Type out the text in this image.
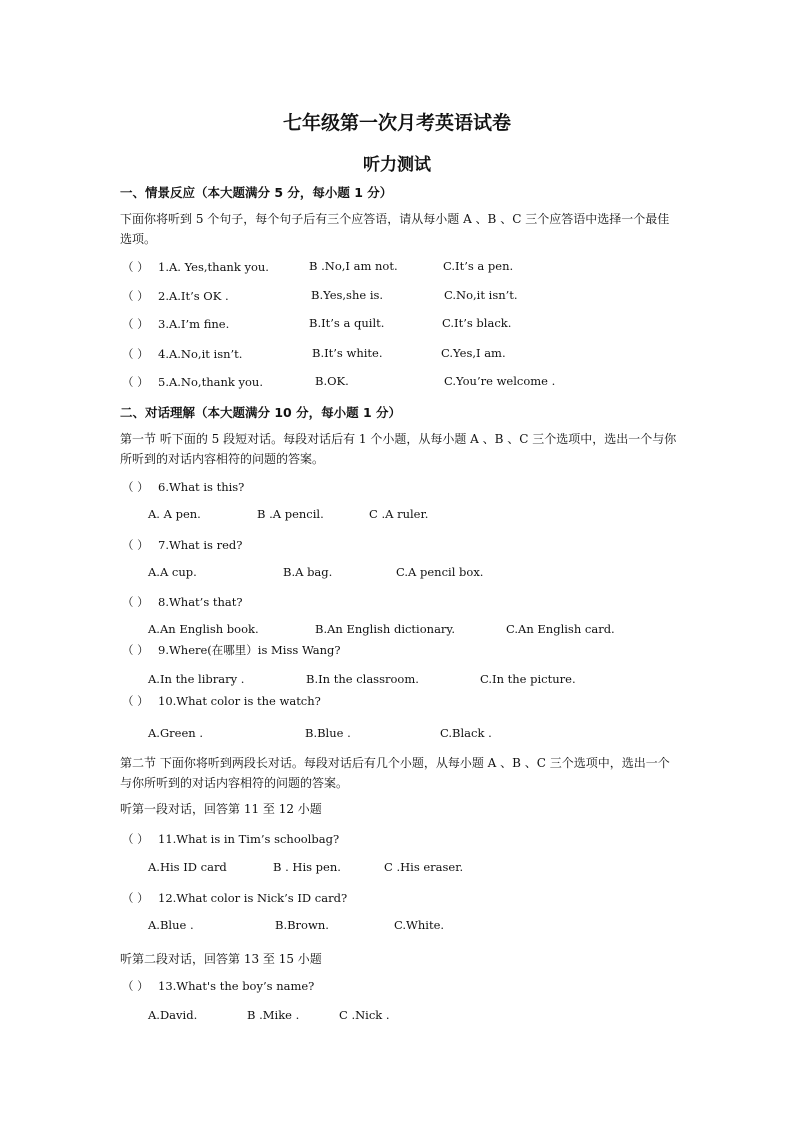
七年级第一次月考英语试卷
听力测试
一、情景反应（本大题满分 5 分，每小题 1 分）
下面你将听到 5 个句子，每个句子后有三个应答语，请从每小题 A 、B 、C 三个应答语中选择一个最佳选项。
（ ） 1.A. Yes,thank you.	B .No,I am not.	C.It’s a pen.
（ ） 2.A.It’s OK .	B.Yes,she is.	C.No,it isn’t.
（ ） 3.A.I’m fine.	B.It’s a quilt.	C.It’s black.
（ ） 4.A.No,it isn’t.	B.It’s white.	C.Yes,I am.
（ ） 5.A.No,thank you.	B.OK.	C.You’re welcome .
二、对话理解（本大题满分 10 分，每小题 1 分）
第一节 听下面的 5 段短对话。每段对话后有 1 个小题，从每小题 A 、B 、C 三个选项中，选出一个与你所听到的对话内容相符的问题的答案。
（ ） 6.What is this?
A. A pen.	B .A pencil.	C .A ruler.
（ ） 7.What is red?
A.A cup.	B.A bag.	C.A pencil box.
（ ） 8.What’s that?
A.An English book.	B.An English dictionary.	C.An English card.
（ ） 9.Where(在哪里）is Miss Wang?
A.In the library .	B.In the classroom.	C.In the picture.
（ ） 10.What color is the watch?
A.Green .	B.Blue .	C.Black .
第二节 下面你将听到两段长对话。每段对话后有几个小题，从每小题 A 、B 、C 三个选项中，选出一个与你所听到的对话内容相符的问题的答案。
听第一段对话，回答第 11 至 12 小题
（ ） 11.What is in Tim’s schoolbag?
A.His ID card	B . His pen.	C .His eraser.
（ ） 12.What color is Nick’s ID card?
A.Blue .	B.Brown.	C.White.
听第二段对话，回答第 13 至 15 小题
（ ） 13.What's the boy’s name?
A.David.	B .Mike .	C .Nick .
